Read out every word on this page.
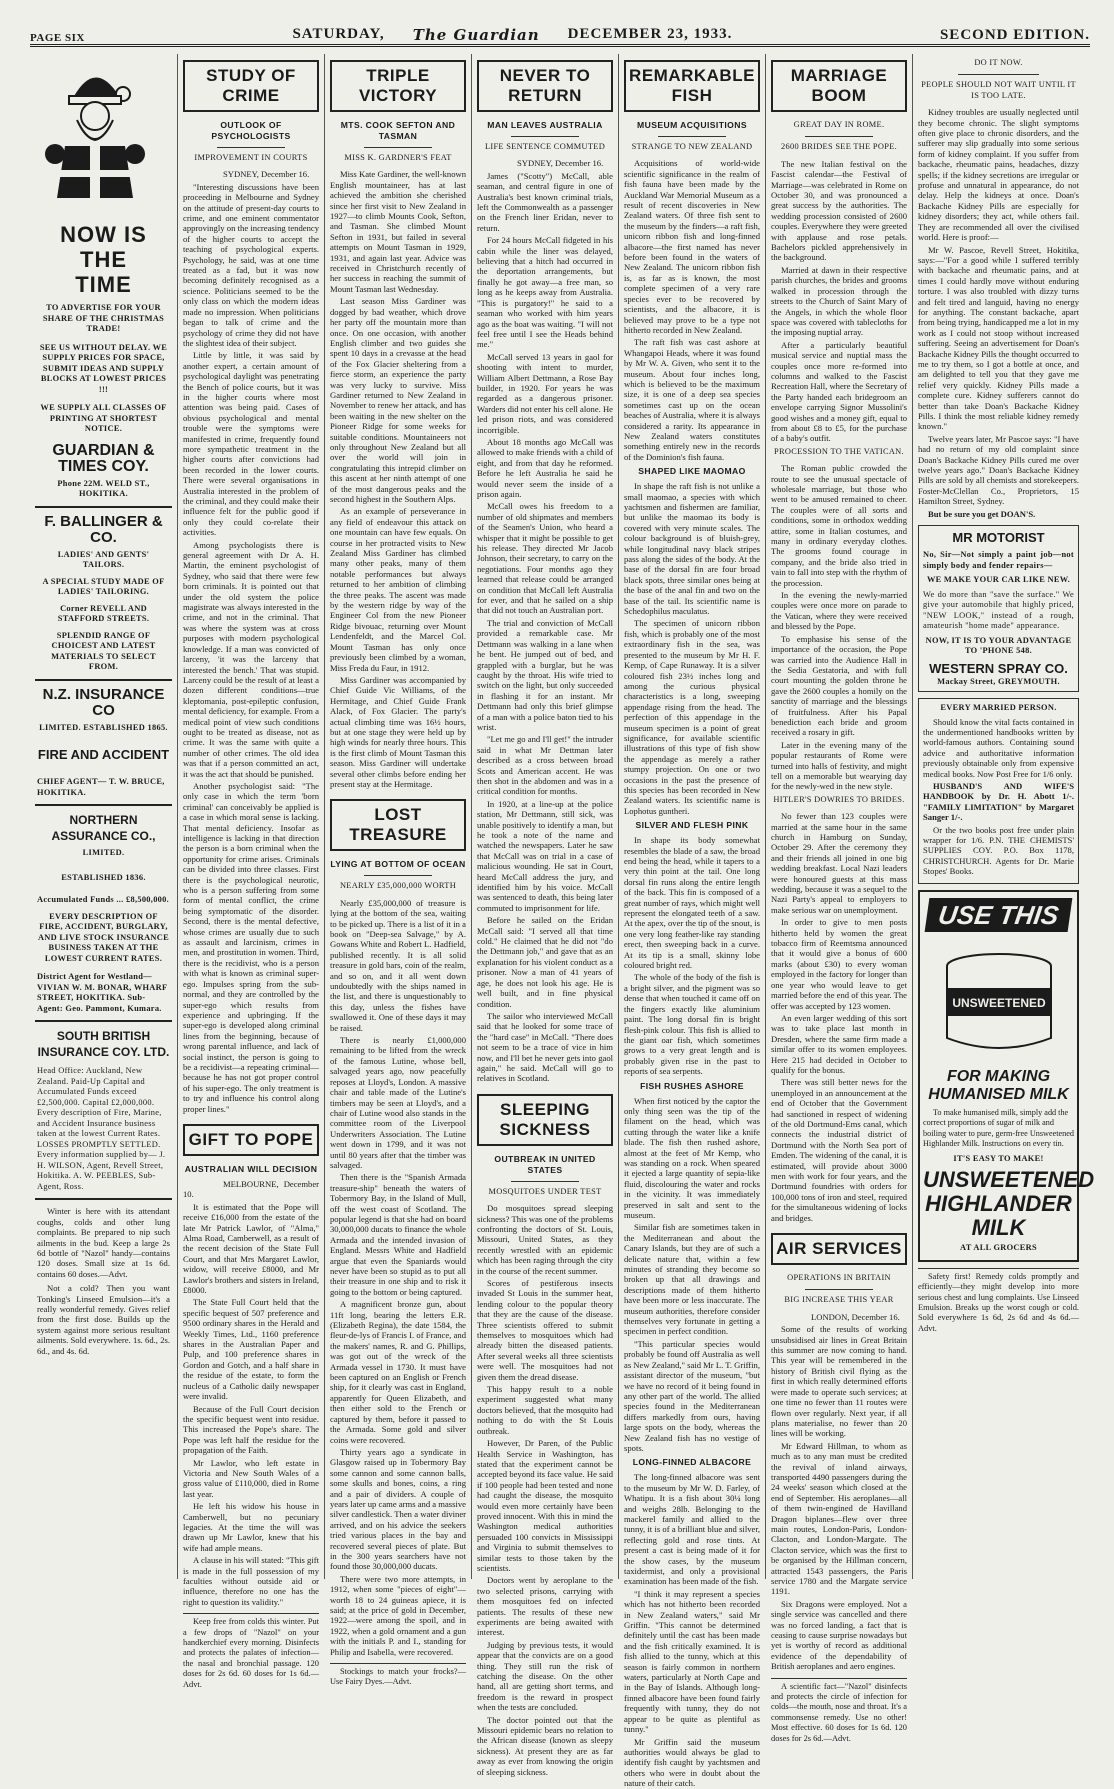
PAGE SIX	SATURDAY, The Guardian DECEMBER 23, 1933.	SECOND EDITION.
NOW IS THE
TIME
TO ADVERTISE FOR YOUR SHARE OF THE CHRISTMAS TRADE!
SEE US WITHOUT DELAY. WE SUPPLY PRICES FOR SPACE, SUBMIT IDEAS AND SUPPLY BLOCKS AT LOWEST PRICES !!!
WE SUPPLY ALL CLASSES OF PRINTING AT SHORTEST NOTICE.
GUARDIAN & TIMES COY.
Phone 22M. WELD ST., HOKITIKA.
F. BALLINGER & CO.
LADIES' AND GENTS' TAILORS.
A SPECIAL STUDY MADE OF LADIES' TAILORING.
Corner REVELL AND STAFFORD STREETS.
SPLENDID RANGE OF CHOICEST AND LATEST MATERIALS TO SELECT FROM.
N.Z. INSURANCE CO
LIMITED. ESTABLISHED 1865.
FIRE AND ACCIDENT
CHIEF AGENT— T. W. BRUCE, HOKITIKA.
NORTHERN ASSURANCE CO.,
LIMITED.
ESTABLISHED 1836.
Accumulated Funds ... £8,500,000.
EVERY DESCRIPTION OF FIRE, ACCIDENT, BURGLARY, AND LIVE STOCK INSURANCE BUSINESS TAKEN AT THE LOWEST CURRENT RATES.
District Agent for Westland— VIVIAN W. M. BONAR, WHARF STREET, HOKITIKA. Sub-Agent: Geo. Pammont, Kumara.
SOUTH BRITISH INSURANCE COY. LTD.
Head Office: Auckland, New Zealand. Paid-Up Capital and Accumulated Funds exceed £2,500,000. Capital £2,000,000. Every description of Fire, Marine, and Accident Insurance business taken at the lowest Current Rates. LOSSES PROMPTLY SETTLED. Every information supplied by— J. H. WILSON, Agent, Revell Street, Hokitika. A. W. PEEBLES, Sub-Agent, Ross.

Winter is here with its attendant coughs, colds and other lung complaints. Be prepared to nip such ailments in the bud. Keep a large 2s 6d bottle of "Nazol" handy—contains 120 doses. Small size at 1s 6d. contains 60 doses.—Advt.

Not a cold? Then you want Tonking's Linseed Emulsion—it's a really wonderful remedy. Gives relief from the first dose. Builds up the system against more serious resultant ailments. Sold everywhere. 1s. 6d., 2s. 6d., and 4s. 6d.

STUDY OF CRIME
OUTLOOK OF PSYCHOLOGISTS
IMPROVEMENT IN COURTS

SYDNEY, December 16.

"Interesting discussions have been proceeding in Melbourne and Sydney on the attitude of present-day courts to crime, and one eminent commentator approvingly on the increasing tendency of the higher courts to accept the teaching of psychological experts. Psychology, he said, was at one time treated as a fad, but it was now becoming definitely recognised as a science. Politicians seemed to be the only class on which the modern ideas made no impression. When politicians began to talk of crime and the psychology of crime they did not have the slightest idea of their subject.

Little by little, it was said by another expert, a certain amount of psychological daylight was penetrating the Bench of police courts, but it was in the higher courts where most attention was being paid. Cases of obvious psychological and mental trouble were the symptoms were manifested in crime, frequently found more sympathetic treatment in the higher courts after convictions had been recorded in the lower courts. There were several organisations in Australia interested in the problem of the criminal, and they could make their influence felt for the public good if only they could co-relate their activities.

Among psychologists there is general agreement with Dr A. H. Martin, the eminent psychologist of Sydney, who said that there were few born criminals. It is pointed out that under the old system the police magistrate was always interested in the crime, and not in the criminal. That was where the system was at cross purposes with modern psychological knowledge. If a man was convicted of larceny, 'it was the larceny that interested the bench.' That was stupid. Larceny could be the result of at least a dozen different conditions—true kleptomania, post-epileptic confusion, mental deficiency, for example. From a medical point of view such conditions ought to be treated as disease, not as crime. It was the same with quite a number of other crimes. The old idea was that if a person committed an act, it was the act that should be punished.

Another psychologist said: "The only case in which the term 'born criminal' can conceivably be applied is a case in which moral sense is lacking. That mental deficiency. Insofar as intelligence is lacking in that direction the person is a born criminal when the opportunity for crime arises. Criminals can be divided into three classes. First there is the psychological neurotic, who is a person suffering from some form of mental conflict, the crime being symptomatic of the disorder. Second, there is the mental defective, whose crimes are usually due to such as assault and larcinism, crimes in men, and prostitution in women. Third, there is the recidivist, who is a person with what is known as criminal super-ego. Impulses spring from the sub-normal, and they are controlled by the super-ego which results from experience and upbringing. If the super-ego is developed along criminal lines from the beginning, because of wrong parental influence, and lack of social instinct, the person is going to be a recidivist—a repeating criminal—because he has not got proper control of his super-ego. The only treatment is to try and influence his control along proper lines."

GIFT TO POPE
AUSTRALIAN WILL DECISION

MELBOURNE, December 10.

It is estimated that the Pope will receive £16,000 from the estate of the late Mr Patrick Lawlor, of "Alma," Alma Road, Camberwell, as a result of the recent decision of the State Full Court, and that Mrs Margaret Lawlor, widow, will receive £8000, and Mr Lawlor's brothers and sisters in Ireland, £8000.

The State Full Court held that the specific bequest of 507 preference and 9500 ordinary shares in the Herald and Weekly Times, Ltd., 1160 preference shares in the Australian Paper and Pulp, and 100 preference shares in Gordon and Gotch, and a half share in the residue of the estate, to form the nucleus of a Catholic daily newspaper were invalid.

Because of the Full Court decision the specific bequest went into residue. This increased the Pope's share. The Pope was left half the residue for the propagation of the Faith.

Mr Lawlor, who left estate in Victoria and New South Wales of a gross value of £110,000, died in Rome last year.

He left his widow his house in Camberwell, but no pecuniary legacies. At the time the will was drawn up Mr Lawlor, knew that his wife had ample means.

A clause in his will stated: "This gift is made in the full possession of my faculties without outside aid or influence, therefore no one has the right to question its validity."

Keep free from colds this winter. Put a few drops of "Nazol" on your handkerchief every morning. Disinfects and protects the palates of infection—the nasal and bronchial passage. 120 doses for 2s 6d. 60 doses for 1s 6d.—Advt.

TRIPLE VICTORY
MTS. COOK SEFTON AND TASMAN
MISS K. GARDNER'S FEAT

Miss Kate Gardiner, the well-known English mountaineer, has at last achieved the ambition she cherished since her first visit to New Zealand in 1927—to climb Mounts Cook, Sefton, and Tasman. She climbed Mount Sefton in 1931, but failed in several attempts on Mount Tasman in 1929, 1931, and again last year. Advice was received in Christchurch recently of her success in reaching the summit of Mount Tasman last Wednesday.

Last season Miss Gardiner was dogged by bad weather, which drove her party off the mountain more than once. On one occasion, with another English climber and two guides she spent 10 days in a crevasse at the head of the Fox Glacier sheltering from a fierce storm, an experience the party was very lucky to survive. Miss Gardiner returned to New Zealand in November to renew her attack, and has been waiting in the new shelter on the Pioneer Ridge for some weeks for suitable conditions. Mountaineers not only throughout New Zealand but all over the world will join in congratulating this intrepid climber on this ascent at her ninth attempt of one of the most dangerous peaks and the second highest in the Southern Alps.

As an example of perseverance in any field of endeavour this attack on one mountain can have few equals. On course in her protracted visits to New Zealand Miss Gardiner has climbed many other peaks, many of them notable performances but always returned to her ambition of climbing the three peaks. The ascent was made by the western ridge by way of the Engineer Col from the new Pioneer Ridge bivouac, returning over Mount Lendenfeldt, and the Marcel Col. Mount Tasman has only once previously been climbed by a woman, Miss Freda du Faur, in 1912.

Miss Gardiner was accompanied by Chief Guide Vic Williams, of the Hermitage, and Chief Guide Frank Alack, of Fox Glacier. The party's actual climbing time was 16½ hours, but at one stage they were held up by high winds for nearly three hours. This is the first climb of Mount Tasman this season. Miss Gardiner will undertake several other climbs before ending her present stay at the Hermitage.

LOST TREASURE
LYING AT BOTTOM OF OCEAN
NEARLY £35,000,000 WORTH

Nearly £35,000,000 of treasure is lying at the bottom of the sea, waiting to be picked up. There is a list of it in a book on "Deep-sea Salvage," by A. Gowans White and Robert L. Hadfield, published recently. It is all solid treasure in gold bars, coin of the realm, and so on, and it all went down undoubtedly with the ships named in the list, and there is unquestionably to this day, unless the fishes have swallowed it. One of these days it may be raised.

There is nearly £1,000,000 remaining to be lifted from the wreck of the famous Lutine, whose bell, salvaged years ago, now peacefully reposes at Lloyd's, London. A massive chair and table made of the Lutine's timbers may be seen at Lloyd's, and a chair of Lutine wood also stands in the committee room of the Liverpool Underwriters Association. The Lutine went down in 1799, and it was not until 80 years after that the timber was salvaged.

Then there is the "Spanish Armada treasure-ship" beneath the waters of Tobermory Bay, in the Island of Mull, off the west coast of Scotland. The popular legend is that she had on board 30,000,000 ducats to finance the whole Armada and the intended invasion of England. Messrs White and Hadfield argue that even the Spaniards would never have been so stupid as to put all their treasure in one ship and to risk it going to the bottom or being captured.

A magnificent bronze gun, about 11ft long, bearing the letters E.R. (Elizabeth Regina), the date 1584, the fleur-de-lys of Francis I. of France, and the makers' names, R. and G. Phillips, was got out of the wreck of the Armada vessel in 1730. It must have been captured on an English or French ship, for it clearly was cast in England, apparently for Queen Elizabeth, and then either sold to the French or captured by them, before it passed to the Armada. Some gold and silver coins were recovered.

Thirty years ago a syndicate in Glasgow raised up in Tobermory Bay some cannon and some cannon balls, some skulls and bones, coins, a ring and a pair of dividers. A couple of years later up came arms and a massive silver candlestick. Then a water diviner arrived, and on his advice the seekers tried various places in the bay and recovered several pieces of plate. But in the 300 years searchers have not found those 30,000,000 ducats.

There were two more attempts, in 1912, when some "pieces of eight"—worth 18 to 24 guineas apiece, it is said; at the price of gold in December, 1922—were among the spoil, and in 1922, when a gold ornament and a gun with the initials P. and I., standing for Philip and Isabella, were recovered.

Stockings to match your frocks?— Use Fairy Dyes.—Advt.

NEVER TO RETURN
MAN LEAVES AUSTRALIA
LIFE SENTENCE COMMUTED

SYDNEY, December 16.

James ("Scotty") McCall, able seaman, and central figure in one of Australia's best known criminal trials, left the Commonwealth as a passenger on the French liner Eridan, never to return.

For 24 hours McCall fidgeted in his cabin while the liner was delayed, believing that a hitch had occurred in the deportation arrangements, but finally he got away—a free man, so long as he keeps away from Australia. "This is purgatory!" he said to a seaman who worked with him years ago as the boat was waiting. "I will not feel free until I see the Heads behind me."

McCall served 13 years in gaol for shooting with intent to murder, William Albert Dettmann, a Rose Bay builder, in 1920. For years he was regarded as a dangerous prisoner. Warders did not enter his cell alone. He led prison riots, and was considered incorrigible.

About 18 months ago McCall was allowed to make friends with a child of eight, and from that day he reformed. Before he left Australia he said he would never seem the inside of a prison again.

McCall owes his freedom to a number of old shipmates and members of the Seamen's Union, who heard a whisper that it might be possible to get his release. They directed Mr Jacob Johnson, their secretary, to carry on the negotiations. Four months ago they learned that release could be arranged on condition that McCall left Australia for ever, and that he sailed on a ship that did not touch an Australian port.

The trial and conviction of McCall provided a remarkable case. Mr Dettmann was walking in a lane when he bent. He jumped out of bed, and grappled with a burglar, but he was caught by the throat. His wife tried to switch on the light, but only succeeded in flashing it for an instant. Mr Dettmann had only this brief glimpse of a man with a police baton tied to his wrist.

"Let me go and I'll get!" the intruder said in what Mr Dettman later described as a cross between broad Scots and American accent. He was then shot in the abdomen and was in a critical condition for months.

In 1920, at a line-up at the police station, Mr Dettmann, still sick, was unable positively to identify a man, but he took a note of the name and watched the newspapers. Later he saw that McCall was on trial in a case of malicious wounding. He sat in Court, heard McCall address the jury, and identified him by his voice. McCall was sentenced to death, this being later commuted to imprisonment for life.

Before he sailed on the Eridan McCall said: "I served all that time cold." He claimed that he did not "do the Dettmann job," and gave that as an explanation for his violent conduct as a prisoner. Now a man of 41 years of age, he does not look his age. He is well built, and in fine physical condition.

The sailor who interviewed McCall said that he looked for some trace of the "hard case" in McCall. "There does not seem to be a trace of vice in him now, and I'll bet he never gets into gaol again," he said. McCall will go to relatives in Scotland.

SLEEPING SICKNESS
OUTBREAK IN UNITED STATES
MOSQUITOES UNDER TEST

Do mosquitoes spread sleeping sickness? This was one of the problems confronting the doctors of St. Louis, Missouri, United States, as they recently wrestled with an epidemic which has been raging through the city in the course of the recent summer.

Scores of pestiferous insects invaded St Louis in the summer heat, lending colour to the popular theory that they are the cause of the disease. Three scientists offered to submit themselves to mosquitoes which had already bitten the diseased patients. After several weeks all three scientists were well. The mosquitoes had not given them the dread disease.

This happy result to a noble experiment suggested what many doctors believed, that the mosquito had nothing to do with the St Louis outbreak.

However, Dr Paren, of the Public Health Service in Washington, has stated that the experiment cannot be accepted beyond its face value. He said if 100 people had been tested and none had caught the disease, the mosquito would even more certainly have been proved innocent. With this in mind the Washington medical authorities persuaded 100 convicts in Mississippi and Virginia to submit themselves to similar tests to those taken by the scientists.

Doctors went by aeroplane to the two selected prisons, carrying with them mosquitoes fed on infected patients. The results of these new experiments are being awaited with interest.

Judging by previous tests, it would appear that the convicts are on a good thing. They still run the risk of catching the disease. On the other hand, all are getting short terms, and freedom is the reward in prospect when the tests are concluded.

The doctor pointed out that the Missouri epidemic bears no relation to the African disease (known as sleepy sickness). At present they are as far away as ever from knowing the origin of sleeping sickness.

REMARKABLE FISH
MUSEUM ACQUISITIONS
STRANGE TO NEW ZEALAND

Acquisitions of world-wide scientific significance in the realm of fish fauna have been made by the Auckland War Memorial Museum as a result of recent discoveries in New Zealand waters. Of three fish sent to the museum by the finders—a raft fish, unicorn ribbon fish and long-finned albacore—the first named has never before been found in the waters of New Zealand. The unicorn ribbon fish is, as far as is known, the most complete specimen of a very rare species ever to be recovered by scientists, and the albacore, it is believed may prove to be a type not hitherto recorded in New Zealand.

The raft fish was cast ashore at Whangapoi Heads, where it was found by Mr W. A. Given, who sent it to the museum. About four inches long, which is believed to be the maximum size, it is one of a deep sea species sometimes cast up on the ocean beaches of Australia, where it is always considered a rarity. Its appearance in New Zealand waters constitutes something entirely new in the records of the Dominion's fish fauna.

SHAPED LIKE MAOMAO

In shape the raft fish is not unlike a small maomao, a species with which yachtsmen and fishermen are familiar, but unlike the maomao its body is covered with very minute scales. The colour background is of bluish-grey, while longitudinal navy black stripes pass along the sides of the body. At the base of the dorsal fin are four broad black spots, three similar ones being at the base of the anal fin and two on the base of the tail. Its scientific name is Schedophilus maculatus.

The specimen of unicorn ribbon fish, which is probably one of the most extraordinary fish in the sea, was presented to the museum by Mr H. F. Kemp, of Cape Runaway. It is a silver coloured fish 23½ inches long and among the curious physical characteristics is a long, sweeping appendage rising from the head. The perfection of this appendage in the museum specimen is a point of great significance, for available scientific illustrations of this type of fish show the appendage as merely a rather stumpy projection. On one or two occasions in the past the presence of this species has been recorded in New Zealand waters. Its scientific name is Lophotus guntheri.

SILVER AND FLESH PINK

In shape its body somewhat resembles the blade of a saw, the broad end being the head, while it tapers to a very thin point at the tail. One long dorsal fin runs along the entire length of the back. This fin is composed of a great number of rays, which might well represent the elongated teeth of a saw. At the apex, over the tip of the snout, is one very long feather-like ray standing erect, then sweeping back in a curve. At its tip is a small, skinny lobe coloured bright red.

The whole of the body of the fish is a bright silver, and the pigment was so dense that when touched it came off on the fingers exactly like aluminium paint. The long dorsal fin is bright flesh-pink colour. This fish is allied to the giant oar fish, which sometimes grows to a very great length and is probably given rise in the past to reports of sea serpents.

FISH RUSHES ASHORE

When first noticed by the captor the only thing seen was the tip of the filament on the head, which was cutting through the water like a knife blade. The fish then rushed ashore, almost at the feet of Mr Kemp, who was standing on a rock. When speared it ejected a large quantity of sepia-like fluid, discolouring the water and rocks in the vicinity. It was immediately preserved in salt and sent to the museum.

Similar fish are sometimes taken in the Mediterranean and about the Canary Islands, but they are of such a delicate nature that, within a few minutes of stranding they become so broken up that all drawings and descriptions made of them hitherto have been more or less inaccurate. The museum authorities, therefore consider themselves very fortunate in getting a specimen in perfect condition.

"This particular species would probably be found off Australia as well as New Zealand," said Mr L. T. Griffin, assistant director of the museum, "but we have no record of it being found in any other part of the world. The allied species found in the Mediterranean differs markedly from ours, having large spots on the body, whereas the New Zealand fish has no vestige of spots.

LONG-FINNED ALBACORE

The long-finned albacore was sent to the museum by Mr W. D. Farley, of Whatipu. It is a fish about 30¼ long and weighs 28lb. Belonging to the mackerel family and allied to the tunny, it is of a brilliant blue and silver, reflecting gold and rose tints. At present a cast is being made of it for the show cases, by the museum taxidermist, and only a provisional examination has been made of the fish.

"I think it may represent a species which has not hitherto been recorded in New Zealand waters," said Mr Griffin. "This cannot be determined definitely until the cast has been made and the fish critically examined. It is fish allied to the tunny, which at this season is fairly common in northern waters, particularly at North Cape and in the Bay of Islands. Although long-finned albacore have been found fairly frequently with tunny, they do not appear to be quite as plentiful as tunny."

Mr Griffin said the museum authorities would always be glad to identify fish caught by yachtsmen and others who were in doubt about the nature of their catch.

MARRIAGE BOOM
GREAT DAY IN ROME.
2600 BRIDES SEE THE POPE.

The new Italian festival on the Fascist calendar—the Festival of Marriage—was celebrated in Rome on October 30, and was pronounced a great success by the authorities. The wedding procession consisted of 2600 couples. Everywhere they were greeted with applause and rose petals. Bachelors pickled apprehensively in the background.

Married at dawn in their respective parish churches, the brides and grooms walked in procession through the streets to the Church of Saint Mary of the Angels, in which the whole floor space was covered with tablecloths for the imposing nuptial array.

After a particularly beautiful musical service and nuptial mass the couples once more re-formed into columns and walked to the Fascist Recreation Hall, where the Secretary of the Party handed each bridegroom an envelope carrying Signor Mussolini's good wishes and a money gift, equal to from about £8 to £5, for the purchase of a baby's outfit.

PROCESSION TO THE VATICAN.

The Roman public crowded the route to see the unusual spectacle of wholesale marriage, but those who went to be amused remained to cheer. The couples were of all sorts and conditions, some in orthodox wedding attire, some in Italian costumes, and many in ordinary everyday clothes. The grooms found courage in company, and the bride also tried in vain to fall into step with the rhythm of the procession.

In the evening the newly-married couples were once more on parade to the Vatican, where they were received and blessed by the Pope.

To emphasise his sense of the importance of the occasion, the Pope was carried into the Audience Hall in the Sedia Gestatoria, and with full court mounting the golden throne he gave the 2600 couples a homily on the sanctity of marriage and the blessings of fruitfulness. After his Papal benediction each bride and groom received a rosary in gift.

Later in the evening many of the popular restaurants of Rome were turned into halls of festivity, and might tell on a memorable but wearying day for the newly-wed in the new style.

HITLER'S DOWRIES TO BRIDES.

No fewer than 123 couples were married at the same hour in the same church in Hamburg on Sunday, October 29. After the ceremony they and their friends all joined in one big wedding breakfast. Local Nazi leaders were honoured guests at this mass wedding, because it was a sequel to the Nazi Party's appeal to employers to make serious war on unemployment.

In order to give to men posts hitherto held by women the great tobacco firm of Reemtsma announced that it would give a bonus of 600 marks (about £30) to every woman employed in the factory for longer than one year who would leave to get married before the end of this year. The offer was accepted by 123 women.

An even larger wedding of this sort was to take place last month in Dresden, where the same firm made a similar offer to its women employees. Here 215 had decided in October to qualify for the bonus.

There was still better news for the unemployed in an announcement at the end of October that the Government had sanctioned in respect of widening of the old Dortmund-Ems canal, which connects the industrial district of Dortmund with the North Sea port of Emden. The widening of the canal, it is estimated, will provide about 3000 men with work for four years, and the Dortmund foundries with orders for 100,000 tons of iron and steel, required for the simultaneous widening of locks and bridges.

AIR SERVICES
OPERATIONS IN BRITAIN
BIG INCREASE THIS YEAR

LONDON, December 16.

Some of the results of working unsubsidised air lines in Great Britain this summer are now coming to hand. This year will be remembered in the history of British civil flying as the first in which really determined efforts were made to operate such services; at one time no fewer than 11 routes were flown over regularly. Next year, if all plans materialise, no fewer than 20 lines will be working.

Mr Edward Hillman, to whom as much as to any man must be credited the revival of inland airways, transported 4490 passengers during the 24 weeks' season which closed at the end of September. His aeroplanes—all of them twin-engined de Havilland Dragon biplanes—flew over three main routes, London-Paris, London-Clacton, and London-Margate. The Clacton service, which was the first to be organised by the Hillman concern, attracted 1543 passengers, the Paris service 1780 and the Margate service 1191.

Six Dragons were employed. Not a single service was cancelled and there was no forced landing, a fact that is ceasing to cause surprise nowadays but yet is worthy of record as additional evidence of the dependability of British aeroplanes and aero engines.

A scientific fact—"Nazol" disinfects and protects the circle of infection for colds—the mouth, nose and throat. It's a commonsense remedy. Use no other! Most effective. 60 doses for 1s 6d. 120 doses for 2s 6d.—Advt.

DO IT NOW.
PEOPLE SHOULD NOT WAIT UNTIL IT IS TOO LATE.

Kidney troubles are usually neglected until they become chronic. The slight symptoms often give place to chronic disorders, and the sufferer may slip gradually into some serious form of kidney complaint. If you suffer from backache, rheumatic pains, headaches, dizzy spells; if the kidney secretions are irregular or profuse and unnatural in appearance, do not delay. Help the kidneys at once. Doan's Backache Kidney Pills are especially for kidney disorders; they act, while others fail. They are recommended all over the civilised world. Here is proof:—

Mr W. Pascoe, Revell Street, Hokitika, says:—"For a good while I suffered terribly with backache and rheumatic pains, and at times I could hardly move without enduring torture. I was also troubled with dizzy turns and felt tired and languid, having no energy for anything. The constant backache, apart from being trying, handicapped me a lot in my work as I could not stoop without increased suffering. Seeing an advertisement for Doan's Backache Kidney Pills the thought occurred to me to try them, so I got a bottle at once, and am delighted to tell you that they gave me relief very quickly. Kidney Pills made a complete cure. Kidney sufferers cannot do better than take Doan's Backache Kidney Pills. I think the most reliable kidney remedy known."

Twelve years later, Mr Pascoe says: "I have had no return of my old complaint since Doan's Backache Kidney Pills cured me over twelve years ago." Doan's Backache Kidney Pills are sold by all chemists and storekeepers. Foster-McClellan Co., Proprietors, 15 Hamilton Street, Sydney.

But be sure you get DOAN'S.

MR MOTORIST
No, Sir—Not simply a paint job—not simply body and fender repairs—
WE MAKE YOUR CAR LIKE NEW.
We do more than "save the surface." We give your automobile that highly priced, "NEW LOOK," instead of a rough, amateurish "home made" appearance.
NOW, IT IS TO YOUR ADVANTAGE TO 'PHONE 548.
WESTERN SPRAY CO.
Mackay Street, GREYMOUTH.
EVERY MARRIED PERSON.

Should know the vital facts contained in the undermentioned handbooks written by world-famous authors. Containing sound advice and authoritative information previously obtainable only from expensive medical books. Now Post Free for 1/6 only.

HUSBAND'S AND WIFE'S HANDBOOK by Dr. H. Abott 1/-. "FAMILY LIMITATION" by Margaret Sanger 1/-.

Or the two books post free under plain wrapper for 1/6. P.N. THE CHEMISTS' SUPPLIES COY. P.O. Box 1178, CHRISTCHURCH. Agents for Dr. Marie Stopes' Books.

USE THIS
UNSWEETENED
FOR MAKING
HUMANISED MILK

To make humanised milk, simply add the correct proportions of sugar of milk and boiling water to pure, germ-free Unsweetened Highlander Milk. Instructions on every tin.

IT'S EASY TO MAKE!
UNSWEETENED
HIGHLANDER
MILK
AT ALL GROCERS

Safety first! Remedy colds promptly and efficiently—they might develop into more serious chest and lung complaints. Use Linseed Emulsion. Breaks up the worst cough or cold. Sold everywhere 1s 6d, 2s 6d and 4s 6d.—Advt.
